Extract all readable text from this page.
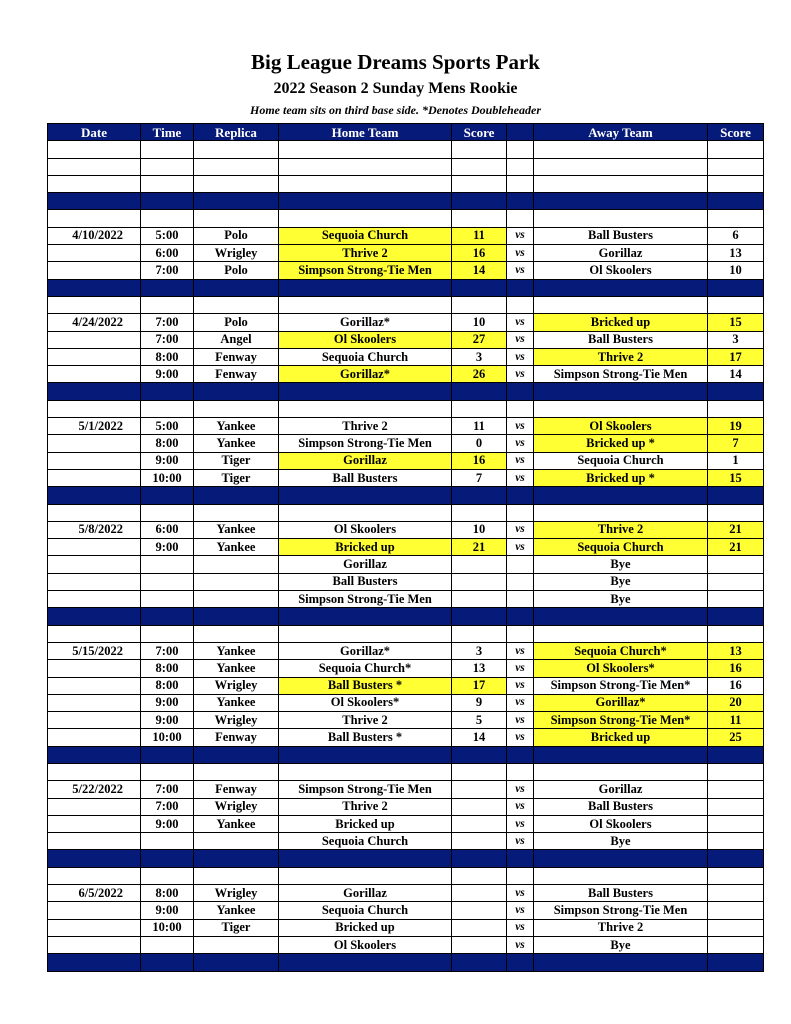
Big League Dreams Sports Park
2022 Season 2 Sunday Mens Rookie
Home team sits on third base side. *Denotes Doubleheader
Date	Time	Replica	Home Team	Score		Away Team	Score

4/10/2022	5:00	Polo	Sequoia Church	11	vs	Ball Busters	6
	6:00	Wrigley	Thrive 2	16	vs	Gorillaz	13
	7:00	Polo	Simpson Strong-Tie Men	14	vs	Ol Skoolers	10

4/24/2022	7:00	Polo	Gorillaz*	10	vs	Bricked up	15
	7:00	Angel	Ol Skoolers	27	vs	Ball Busters	3
	8:00	Fenway	Sequoia Church	3	vs	Thrive 2	17
	9:00	Fenway	Gorillaz*	26	vs	Simpson Strong-Tie Men	14

5/1/2022	5:00	Yankee	Thrive 2	11	vs	Ol Skoolers	19
	8:00	Yankee	Simpson Strong-Tie Men	0	vs	Bricked up *	7
	9:00	Tiger	Gorillaz	16	vs	Sequoia Church	1
	10:00	Tiger	Ball Busters	7	vs	Bricked up *	15

5/8/2022	6:00	Yankee	Ol Skoolers	10	vs	Thrive 2	21
	9:00	Yankee	Bricked up	21	vs	Sequoia Church	21
			Gorillaz			Bye	
			Ball Busters			Bye	
			Simpson Strong-Tie Men			Bye	

5/15/2022	7:00	Yankee	Gorillaz*	3	vs	Sequoia Church*	13
	8:00	Yankee	Sequoia Church*	13	vs	Ol Skoolers*	16
	8:00	Wrigley	Ball Busters *	17	vs	Simpson Strong-Tie Men*	16
	9:00	Yankee	Ol Skoolers*	9	vs	Gorillaz*	20
	9:00	Wrigley	Thrive 2	5	vs	Simpson Strong-Tie Men*	11
	10:00	Fenway	Ball Busters *	14	vs	Bricked up	25

5/22/2022	7:00	Fenway	Simpson Strong-Tie Men		vs	Gorillaz	
	7:00	Wrigley	Thrive 2		vs	Ball Busters	
	9:00	Yankee	Bricked up		vs	Ol Skoolers	
			Sequoia Church		vs	Bye	

6/5/2022	8:00	Wrigley	Gorillaz		vs	Ball Busters	
	9:00	Yankee	Sequoia Church		vs	Simpson Strong-Tie Men	
	10:00	Tiger	Bricked up		vs	Thrive 2	
			Ol Skoolers		vs	Bye	
